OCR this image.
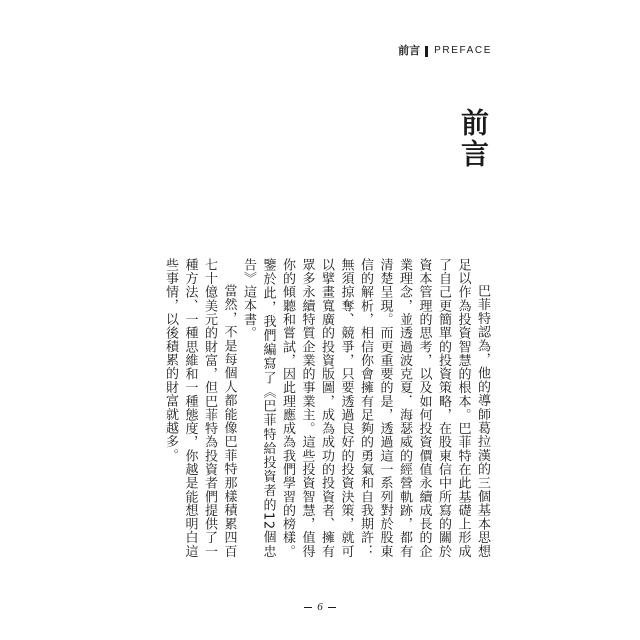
前言 PREFACE
前言

巴菲特認為，他的導師葛拉漢的三個基本思想足以作為投資智慧的根本。巴菲特在此基礎上形成了自己更簡單的投資策略，在股東信中所寫的關於資本管理的思考，以及如何投資價值永續成長的企業理念，並透過波克夏．海瑟威的經營軌跡，都有清楚呈現。而更重要的是，透過這一系列對於股東信的解析，相信你會擁有足夠的勇氣和自我期許：無須掠奪、競爭，只要透過良好的投資決策，就可以擘畫寬廣的投資版圖，成為成功的投資者、擁有眾多永續特質企業的事業主。這些投資智慧，值得你的傾聽和嘗試，因此理應成為我們學習的榜樣。鑒於此，我們編寫了《巴菲特給投資者的12個忠告》這本書。

當然，不是每個人都能像巴菲特那樣積累四百七十億美元的財富，但巴菲特為投資者們提供了一種方法、一種思維和一種態度，你越是能想明白這些事情，以後積累的財富就越多。

6
